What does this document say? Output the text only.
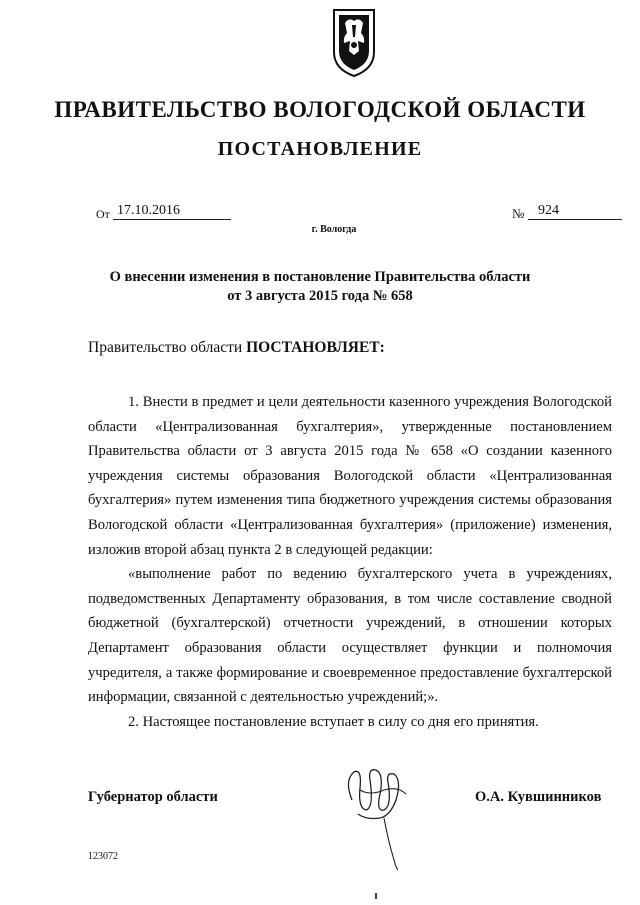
ПРАВИТЕЛЬСТВО ВОЛОГОДСКОЙ ОБЛАСТИ
ПОСТАНОВЛЕНИЕ
От 17.10.2016	№ 924
г. Вологда
О внесении изменения в постановление Правительства области
от 3 августа 2015 года № 658
Правительство области ПОСТАНОВЛЯЕТ:

1. Внести в предмет и цели деятельности казенного учреждения Вологодской области «Централизованная бухгалтерия», утвержденные постановлением Правительства области от 3 августа 2015 года № 658 «О создании казенного учреждения системы образования Вологодской области «Централизованная бухгалтерия» путем изменения типа бюджетного учреждения системы образования Вологодской области «Централизованная бухгалтерия» (приложение) изменения, изложив второй абзац пункта 2 в следующей редакции:

«выполнение работ по ведению бухгалтерского учета в учреждениях, подведомственных Департаменту образования, в том числе составление сводной бюджетной (бухгалтерской) отчетности учреждений, в отношении которых Департамент образования области осуществляет функции и полномочия учредителя, а также формирование и своевременное предоставление бухгалтерской информации, связанной с деятельностью учреждений;».

2. Настоящее постановление вступает в силу со дня его принятия.

Губернатор области	О.А. Кувшинников
123072
